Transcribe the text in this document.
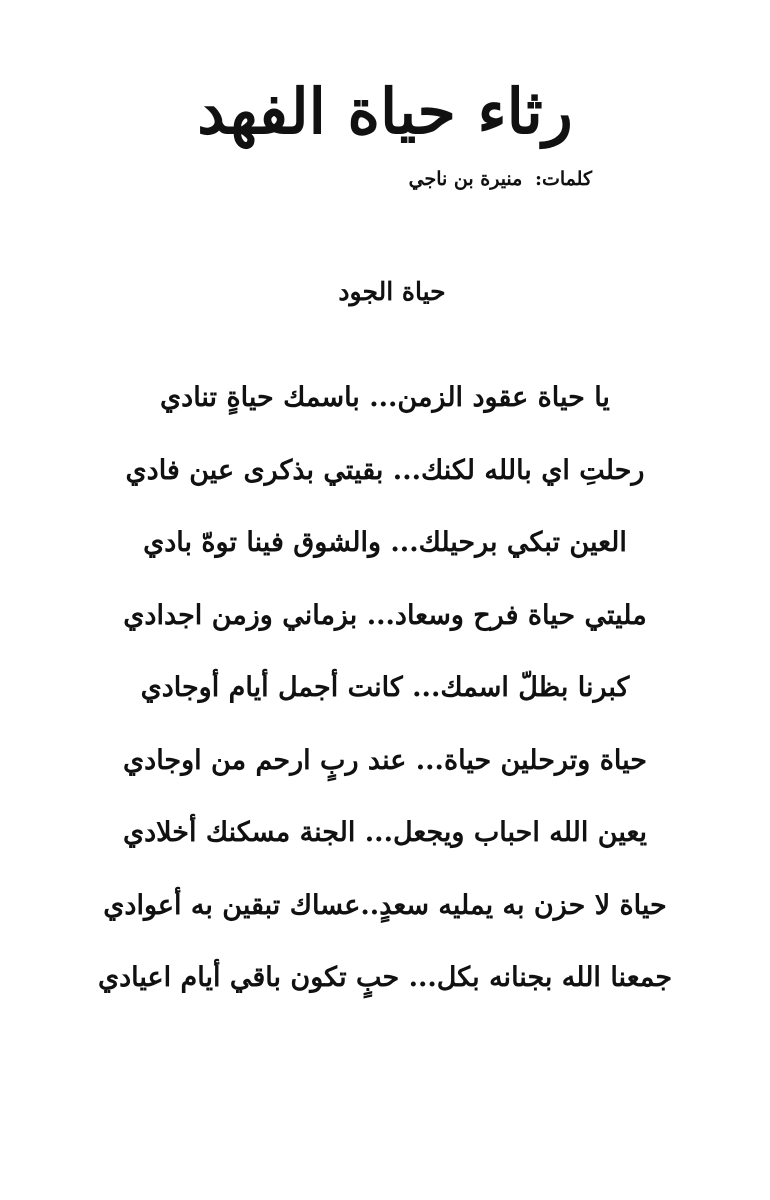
رثاء حياة الفهد
كلمات: منيرة بن ناجي
حياة الجود
يا حياة عقود الزمن... باسمك حياةٍ تنادي
رحلتِ اي بالله لكنك... بقيتي بذكرى عين فادي
العين تبكي برحيلك... والشوق فينا توهّ بادي
مليتي حياة فرح وسعاد... بزماني وزمن اجدادي
كبرنا بظلّ اسمك... كانت أجمل أيام أوجادي
حياة وترحلين حياة... عند ربٍ ارحم من اوجادي
يعين الله احباب ويجعل... الجنة مسكنك أخلادي
حياة لا حزن به يمليه سعدٍ..عساك تبقين به أعوادي
جمعنا الله بجنانه بكل... حبٍ تكون باقي أيام اعيادي
